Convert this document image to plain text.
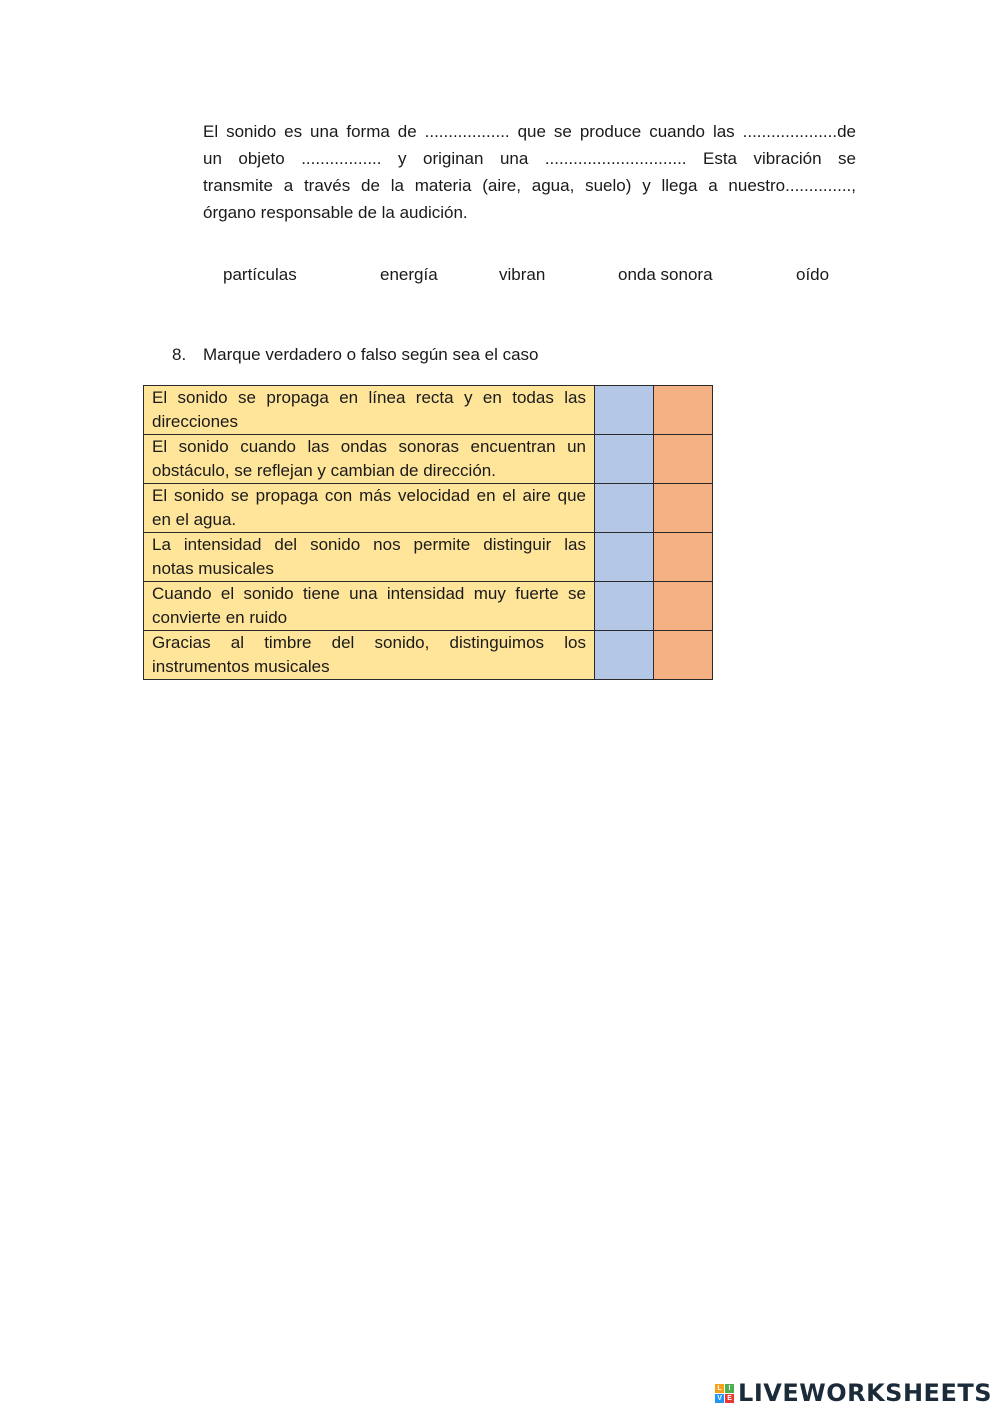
El sonido es una forma de .................. que se produce cuando las ....................de
un objeto ................. y originan una .............................. Esta vibración se
transmite a través de la materia (aire, agua, suelo) y llega a nuestro..............,
órgano responsable de la audición.
partículas	energía	vibran	onda sonora	oído
8. Marque verdadero o falso según sea el caso
El sonido se propaga en línea recta y en todas las
direcciones		

El sonido cuando las ondas sonoras encuentran un
obstáculo, se reflejan y cambian de dirección.		

El sonido se propaga con más velocidad en el aire que
en el agua.		

La intensidad del sonido nos permite distinguir las
notas musicales		

Cuando el sonido tiene una intensidad muy fuerte se
convierte en ruido		

Gracias al timbre del sonido, distinguimos los
instrumentos musicales		

L I
V E LIVEWORKSHEETS
